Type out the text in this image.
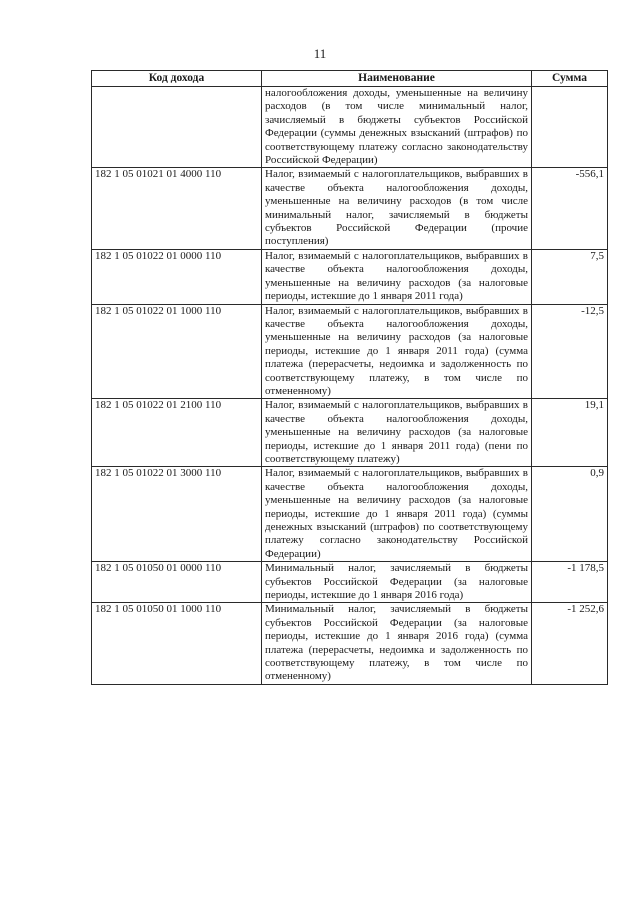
11
Код дохода	Наименование	Сумма
	налогообложения доходы, уменьшенные на величину расходов (в том числе минимальный налог, зачисляемый в бюджеты субъектов Российской Федерации (суммы денежных взысканий (штрафов) по соответствующему платежу согласно законодательству Российской Федерации)	
182 1 05 01021 01 4000 110	Налог, взимаемый с налогоплательщиков, выбравших в качестве объекта налогообложения доходы, уменьшенные на величину расходов (в том числе минимальный налог, зачисляемый в бюджеты субъектов Российской Федерации (прочие поступления)	-556,1
182 1 05 01022 01 0000 110	Налог, взимаемый с налогоплательщиков, выбравших в качестве объекта налогообложения доходы, уменьшенные на величину расходов (за налоговые периоды, истекшие до 1 января 2011 года)	7,5
182 1 05 01022 01 1000 110	Налог, взимаемый с налогоплательщиков, выбравших в качестве объекта налогообложения доходы, уменьшенные на величину расходов (за налоговые периоды, истекшие до 1 января 2011 года) (сумма платежа (перерасчеты, недоимка и задолженность по соответствующему платежу, в том числе по отмененному)	-12,5
182 1 05 01022 01 2100 110	Налог, взимаемый с налогоплательщиков, выбравших в качестве объекта налогообложения доходы, уменьшенные на величину расходов (за налоговые периоды, истекшие до 1 января 2011 года) (пени по соответствующему платежу)	19,1
182 1 05 01022 01 3000 110	Налог, взимаемый с налогоплательщиков, выбравших в качестве объекта налогообложения доходы, уменьшенные на величину расходов (за налоговые периоды, истекшие до 1 января 2011 года) (суммы денежных взысканий (штрафов) по соответствующему платежу согласно законодательству Российской Федерации)	0,9
182 1 05 01050 01 0000 110	Минимальный налог, зачисляемый в бюджеты субъектов Российской Федерации (за налоговые периоды, истекшие до 1 января 2016 года)	-1 178,5
182 1 05 01050 01 1000 110	Минимальный налог, зачисляемый в бюджеты субъектов Российской Федерации (за налоговые периоды, истекшие до 1 января 2016 года) (сумма платежа (перерасчеты, недоимка и задолженность по соответствующему платежу, в том числе по отмененному)	-1 252,6
